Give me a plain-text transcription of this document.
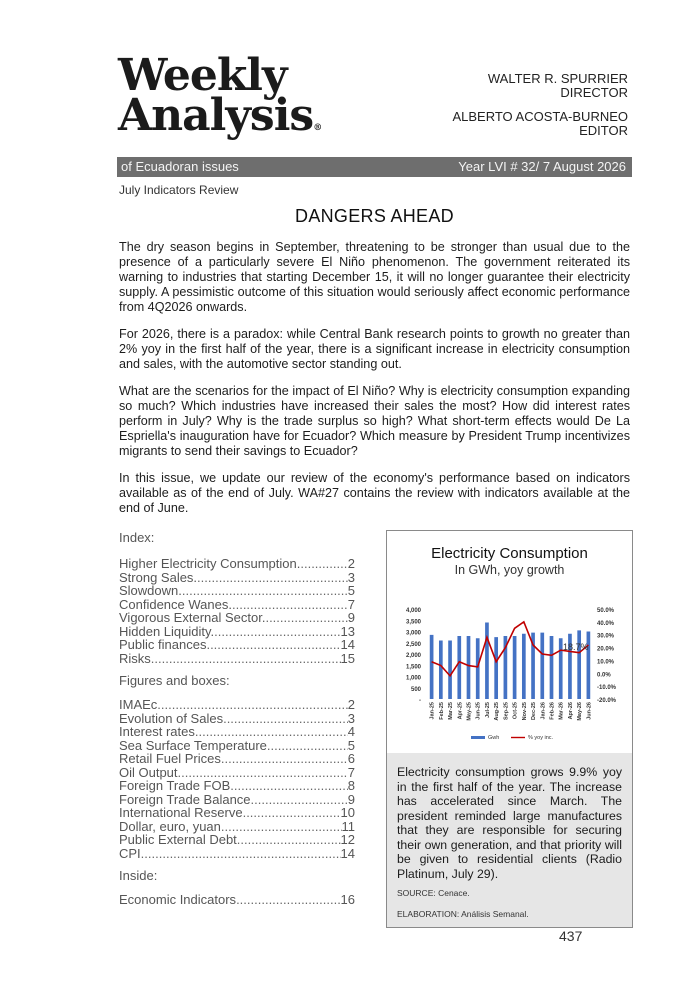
Weekly
Analysis®
WALTER R. SPURRIER
DIRECTOR
ALBERTO ACOSTA-BURNEO
EDITOR
of Ecuadoran issues	Year LVI # 32/ 7 August 2026
July Indicators Review
DANGERS AHEAD

The dry season begins in September, threatening to be stronger than usual due to the presence of a particularly severe El Niño phenomenon. The government reiterated its warning to industries that starting December 15, it will no longer guarantee their electricity supply. A pessimistic outcome of this situation would seriously affect economic performance from 4Q2026 onwards.

For 2026, there is a paradox: while Central Bank research points to growth no greater than 2% yoy in the first half of the year, there is a significant increase in electricity consumption and sales, with the automotive sector standing out.

What are the scenarios for the impact of El Niño? Why is electricity consumption expanding so much? Which industries have increased their sales the most? How did interest rates perform in July? Why is the trade surplus so high? What short-term effects would De La Espriella's inauguration have for Ecuador? Which measure by President Trump incentivizes migrants to send their savings to Ecuador?

In this issue, we update our review of the economy's performance based on indicators available as of the end of July. WA#27 contains the review with indicators available at the end of June.

Index:
Higher Electricity Consumption. .....	2
Strong Sales. .....	3
Slowdown. .....	5
Confidence Wanes. .....	7
Vigorous External Sector. .....	9
Hidden Liquidity. .....	13
Public finances .....	14
Risks .....	15
Figures and boxes:
IMAEc .....	2
Evolution of Sales .....	3
Interest rates .....	4
Sea Surface Temperature .....	5
Retail Fuel Prices .....	6
Oil Output .....	7
Foreign Trade FOB .....	8
Foreign Trade Balance .....	9
International Reserve .....	10
Dollar, euro, yuan .....	11
Public External Debt .....	12
CPI .....	14
Inside:
Economic Indicators .....	16
Electricity Consumption
In GWh, yoy growth
4,000
3,500
3,000
2,500
2,000
1,500
1,000
500
-
50.0%
40.0%
30.0%
20.0%
10.0%
0.0%
-10.0%
-20.0%
Jan-25 Feb-25 Mar-25 Apr-25 May-25 Jun-25 Jul-25 Aug-25 Sep-25 Oct-25 Nov-25 Dec-25 Jan-26 Feb-26 Mar-26 Apr-26 May-26 Jun-26
18.7%
Gwh	% yoy inc.
Electricity consumption grows 9.9% yoy in the first half of the year. The increase has accelerated since March. The president reminded large manufactures that they are responsible for securing their own generation, and that priority will be given to residential clients (Radio Platinum, July 29).
SOURCE: Cenace.
ELABORATION: Análisis Semanal.
437
